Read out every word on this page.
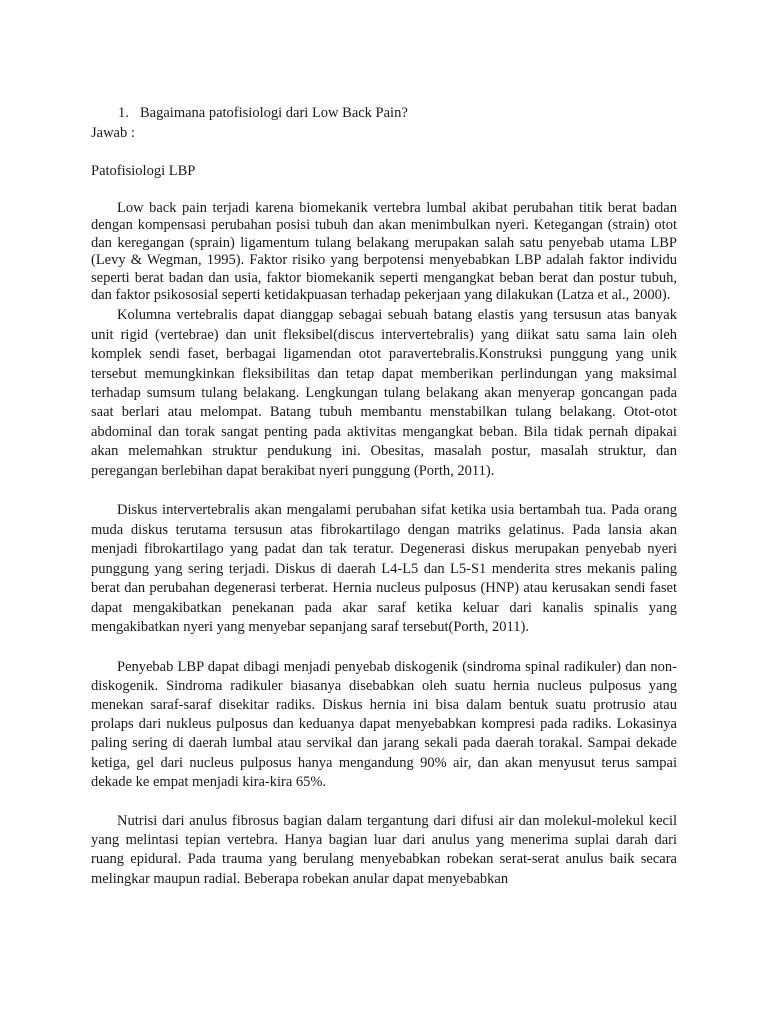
1. Bagaimana patofisiologi dari Low Back Pain?

Jawab :

Patofisiologi LBP

Low back pain terjadi karena biomekanik vertebra lumbal akibat perubahan titik berat badan dengan kompensasi perubahan posisi tubuh dan akan menimbulkan nyeri. Ketegangan (strain) otot dan keregangan (sprain) ligamentum tulang belakang merupakan salah satu penyebab utama LBP (Levy & Wegman, 1995). Faktor risiko yang berpotensi menyebabkan LBP adalah faktor individu seperti berat badan dan usia, faktor biomekanik seperti mengangkat beban berat dan postur tubuh, dan faktor psikososial seperti ketidakpuasan terhadap pekerjaan yang dilakukan (Latza et al., 2000).

Kolumna vertebralis dapat dianggap sebagai sebuah batang elastis yang tersusun atas banyak unit rigid (vertebrae) dan unit fleksibel(discus intervertebralis) yang diikat satu sama lain oleh komplek sendi faset, berbagai ligamendan otot paravertebralis.Konstruksi punggung yang unik tersebut memungkinkan fleksibilitas dan tetap dapat memberikan perlindungan yang maksimal terhadap sumsum tulang belakang. Lengkungan tulang belakang akan menyerap goncangan pada saat berlari atau melompat. Batang tubuh membantu menstabilkan tulang belakang. Otot-otot abdominal dan torak sangat penting pada aktivitas mengangkat beban. Bila tidak pernah dipakai akan melemahkan struktur pendukung ini. Obesitas, masalah postur, masalah struktur, dan peregangan berlebihan dapat berakibat nyeri punggung (Porth, 2011).

Diskus intervertebralis akan mengalami perubahan sifat ketika usia bertambah tua. Pada orang muda diskus terutama tersusun atas fibrokartilago dengan matriks gelatinus. Pada lansia akan menjadi fibrokartilago yang padat dan tak teratur. Degenerasi diskus merupakan penyebab nyeri punggung yang sering terjadi. Diskus di daerah L4-L5 dan L5-S1 menderita stres mekanis paling berat dan perubahan degenerasi terberat. Hernia nucleus pulposus (HNP) atau kerusakan sendi faset dapat mengakibatkan penekanan pada akar saraf ketika keluar dari kanalis spinalis yang mengakibatkan nyeri yang menyebar sepanjang saraf tersebut(Porth, 2011).

Penyebab LBP dapat dibagi menjadi penyebab diskogenik (sindroma spinal radikuler) dan non-diskogenik. Sindroma radikuler biasanya disebabkan oleh suatu hernia nucleus pulposus yang menekan saraf-saraf disekitar radiks. Diskus hernia ini bisa dalam bentuk suatu protrusio atau prolaps dari nukleus pulposus dan keduanya dapat menyebabkan kompresi pada radiks. Lokasinya paling sering di daerah lumbal atau servikal dan jarang sekali pada daerah torakal. Sampai dekade ketiga, gel dari nucleus pulposus hanya mengandung 90% air, dan akan menyusut terus sampai dekade ke empat menjadi kira-kira 65%.

Nutrisi dari anulus fibrosus bagian dalam tergantung dari difusi air dan molekul-molekul kecil yang melintasi tepian vertebra. Hanya bagian luar dari anulus yang menerima suplai darah dari ruang epidural. Pada trauma yang berulang menyebabkan robekan serat-serat anulus baik secara melingkar maupun radial. Beberapa robekan anular dapat menyebabkan
